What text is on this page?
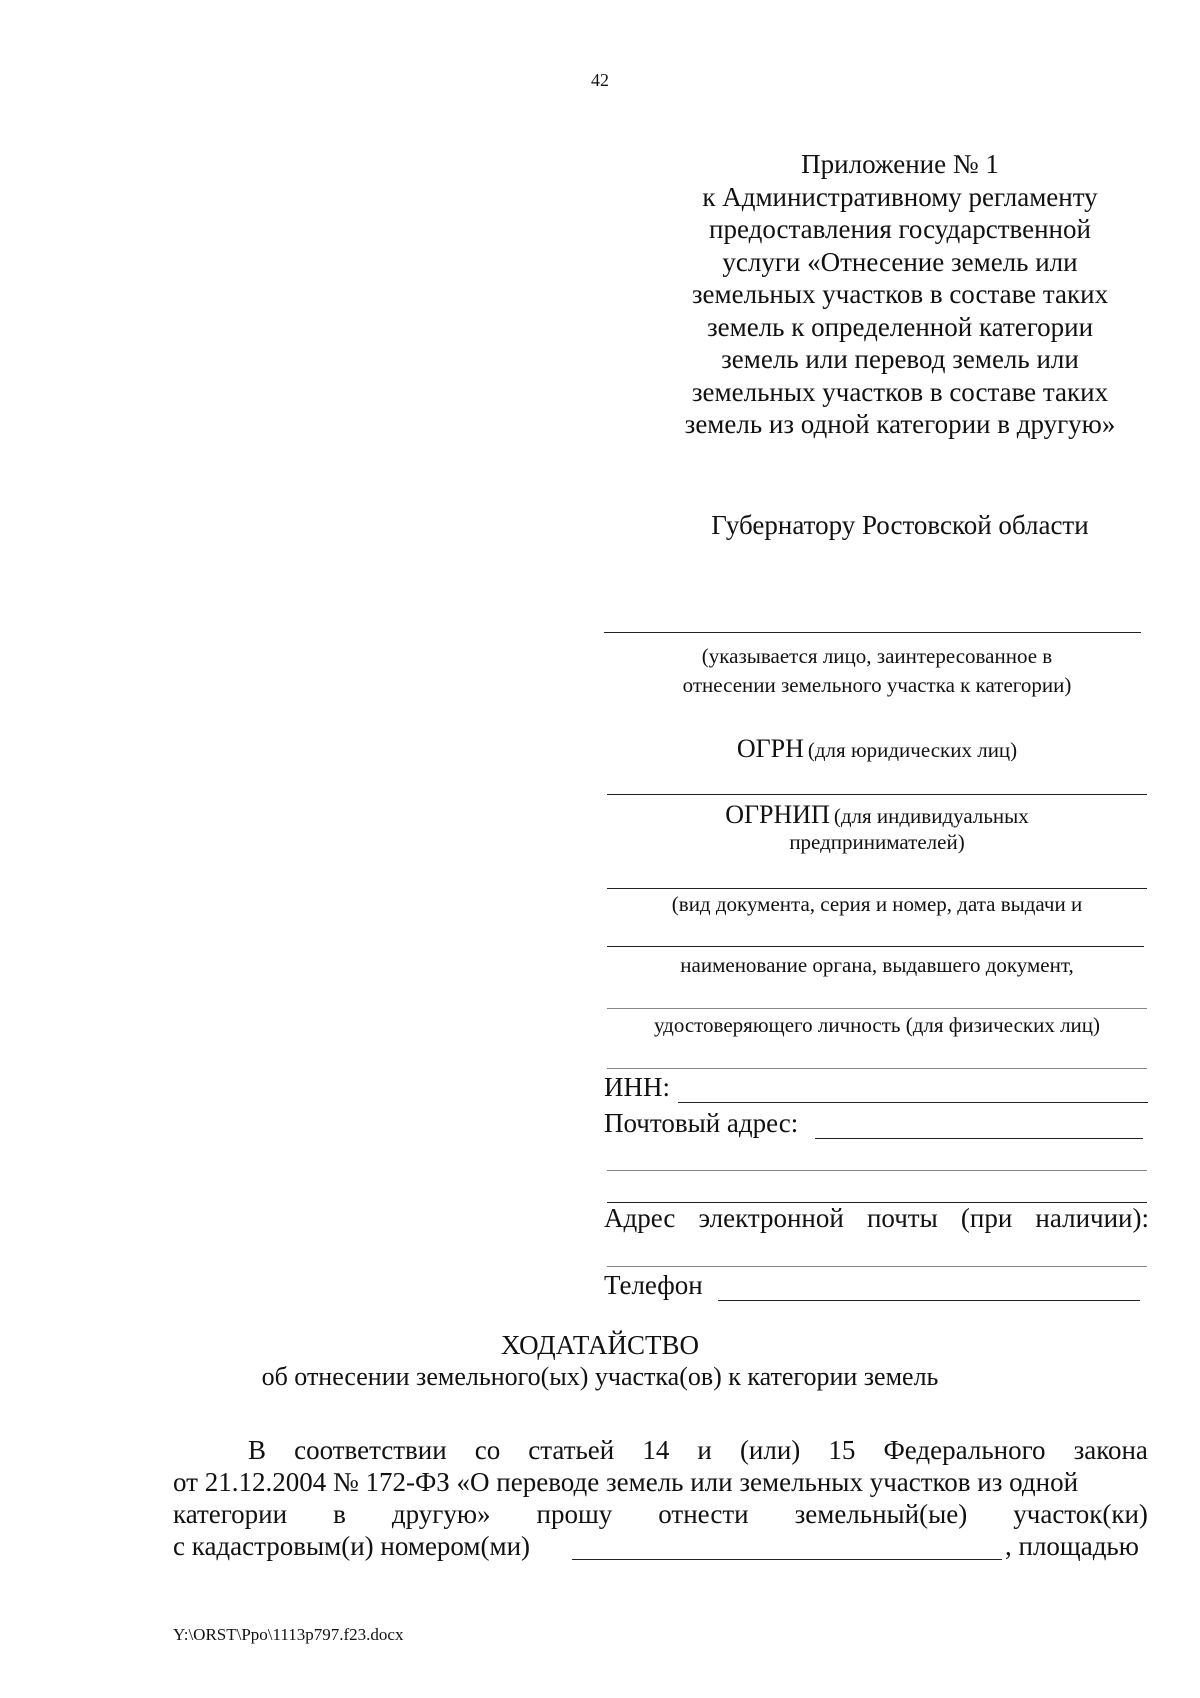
42
Приложение № 1
к Административному регламенту
предоставления государственной
услуги «Отнесение земель или
земельных участков в составе таких
земель к определенной категории
земель или перевод земель или
земельных участков в составе таких
земель из одной категории в другую»
Губернатору Ростовской области
(указывается лицо, заинтересованное в
отнесении земельного участка к категории)
ОГРН (для юридических лиц)
ОГРНИП (для индивидуальных
предпринимателей)
(вид документа, серия и номер, дата выдачи и
наименование органа, выдавшего документ,
удостоверяющего личность (для физических лиц)
ИНН:
Почтовый адрес:
Адрес электронной почты (при наличии):
Телефон
ХОДАТАЙСТВО
об отнесении земельного(ых) участка(ов) к категории земель
В соответствии со статьей 14 и (или) 15 Федерального закона
от 21.12.2004 № 172-ФЗ «О переводе земель или земельных участков из одной
категории в другую» прошу отнести земельный(ые) участок(ки)
с кадастровым(и) номером(ми)	, площадью
Y:\ORST\Ppo\1113p797.f23.docx
